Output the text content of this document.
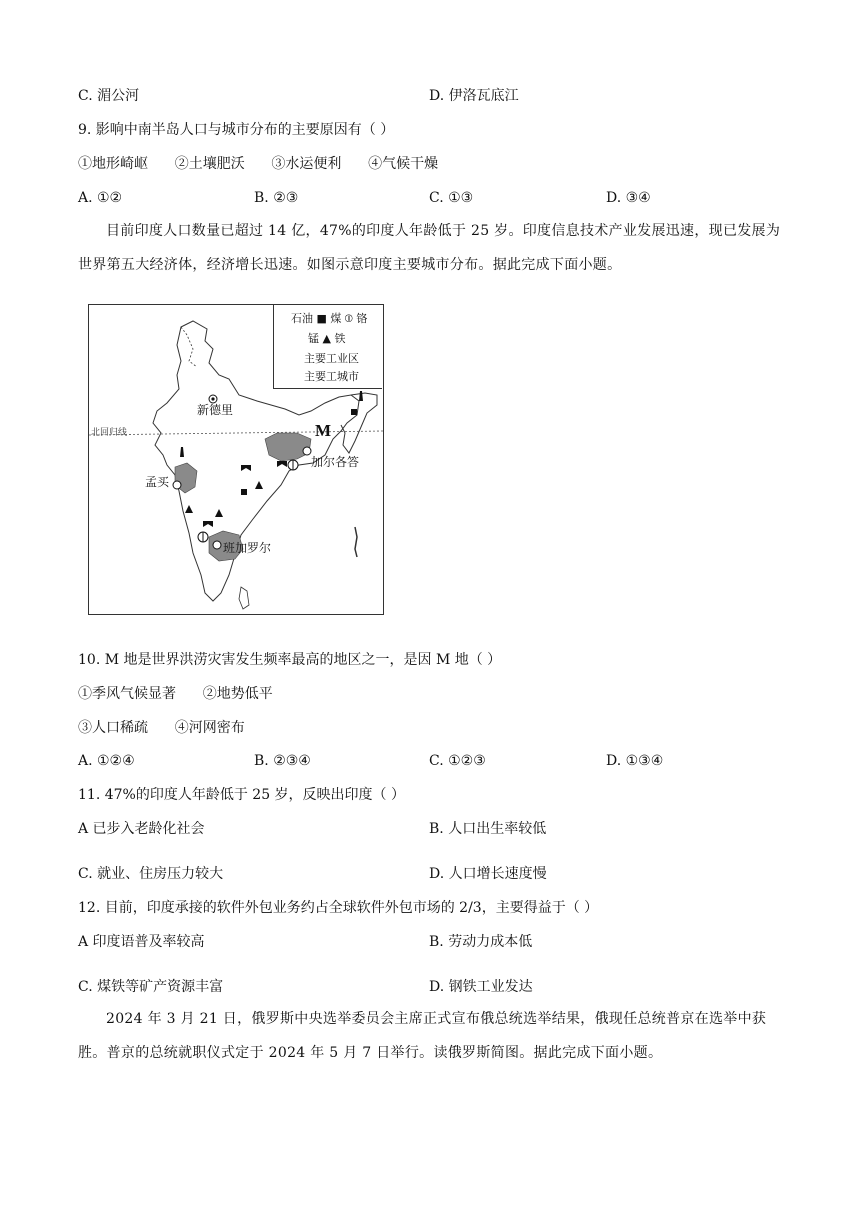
C. 湄公河	D. 伊洛瓦底江
9. 影响中南半岛人口与城市分布的主要原因有（ ）
①地形崎岖      ②土壤肥沃      ③水运便利      ④气候干燥
A. ①②	B. ②③	C. ①③	D. ③④
目前印度人口数量已超过 14 亿，47%的印度人年龄低于 25 岁。印度信息技术产业发展迅速，现已发展为世界第五大经济体，经济增长迅速。如图示意印度主要城市分布。据此完成下面小题。
石油 ■ 煤 ⦶ 铬
锰 ▲ 铁
主要工业区
主要工城市
北回归线
新德里
孟买
加尔各答
班加罗尔
M
10. M 地是世界洪涝灾害发生频率最高的地区之一，是因 M 地（ ）
①季风气候显著      ②地势低平
③人口稀疏      ④河网密布
A. ①②④	B. ②③④	C. ①②③	D. ①③④
11. 47%的印度人年龄低于 25 岁，反映出印度（ ）
A 已步入老龄化社会	B. 人口出生率较低
C. 就业、住房压力较大	D. 人口增长速度慢
12. 目前，印度承接的软件外包业务约占全球软件外包市场的 2/3，主要得益于（ ）
A 印度语普及率较高	B. 劳动力成本低
C. 煤铁等矿产资源丰富	D. 钢铁工业发达
2024 年 3 月 21 日，俄罗斯中央选举委员会主席正式宣布俄总统选举结果，俄现任总统普京在选举中获胜。普京的总统就职仪式定于 2024 年 5 月 7 日举行。读俄罗斯简图。据此完成下面小题。
